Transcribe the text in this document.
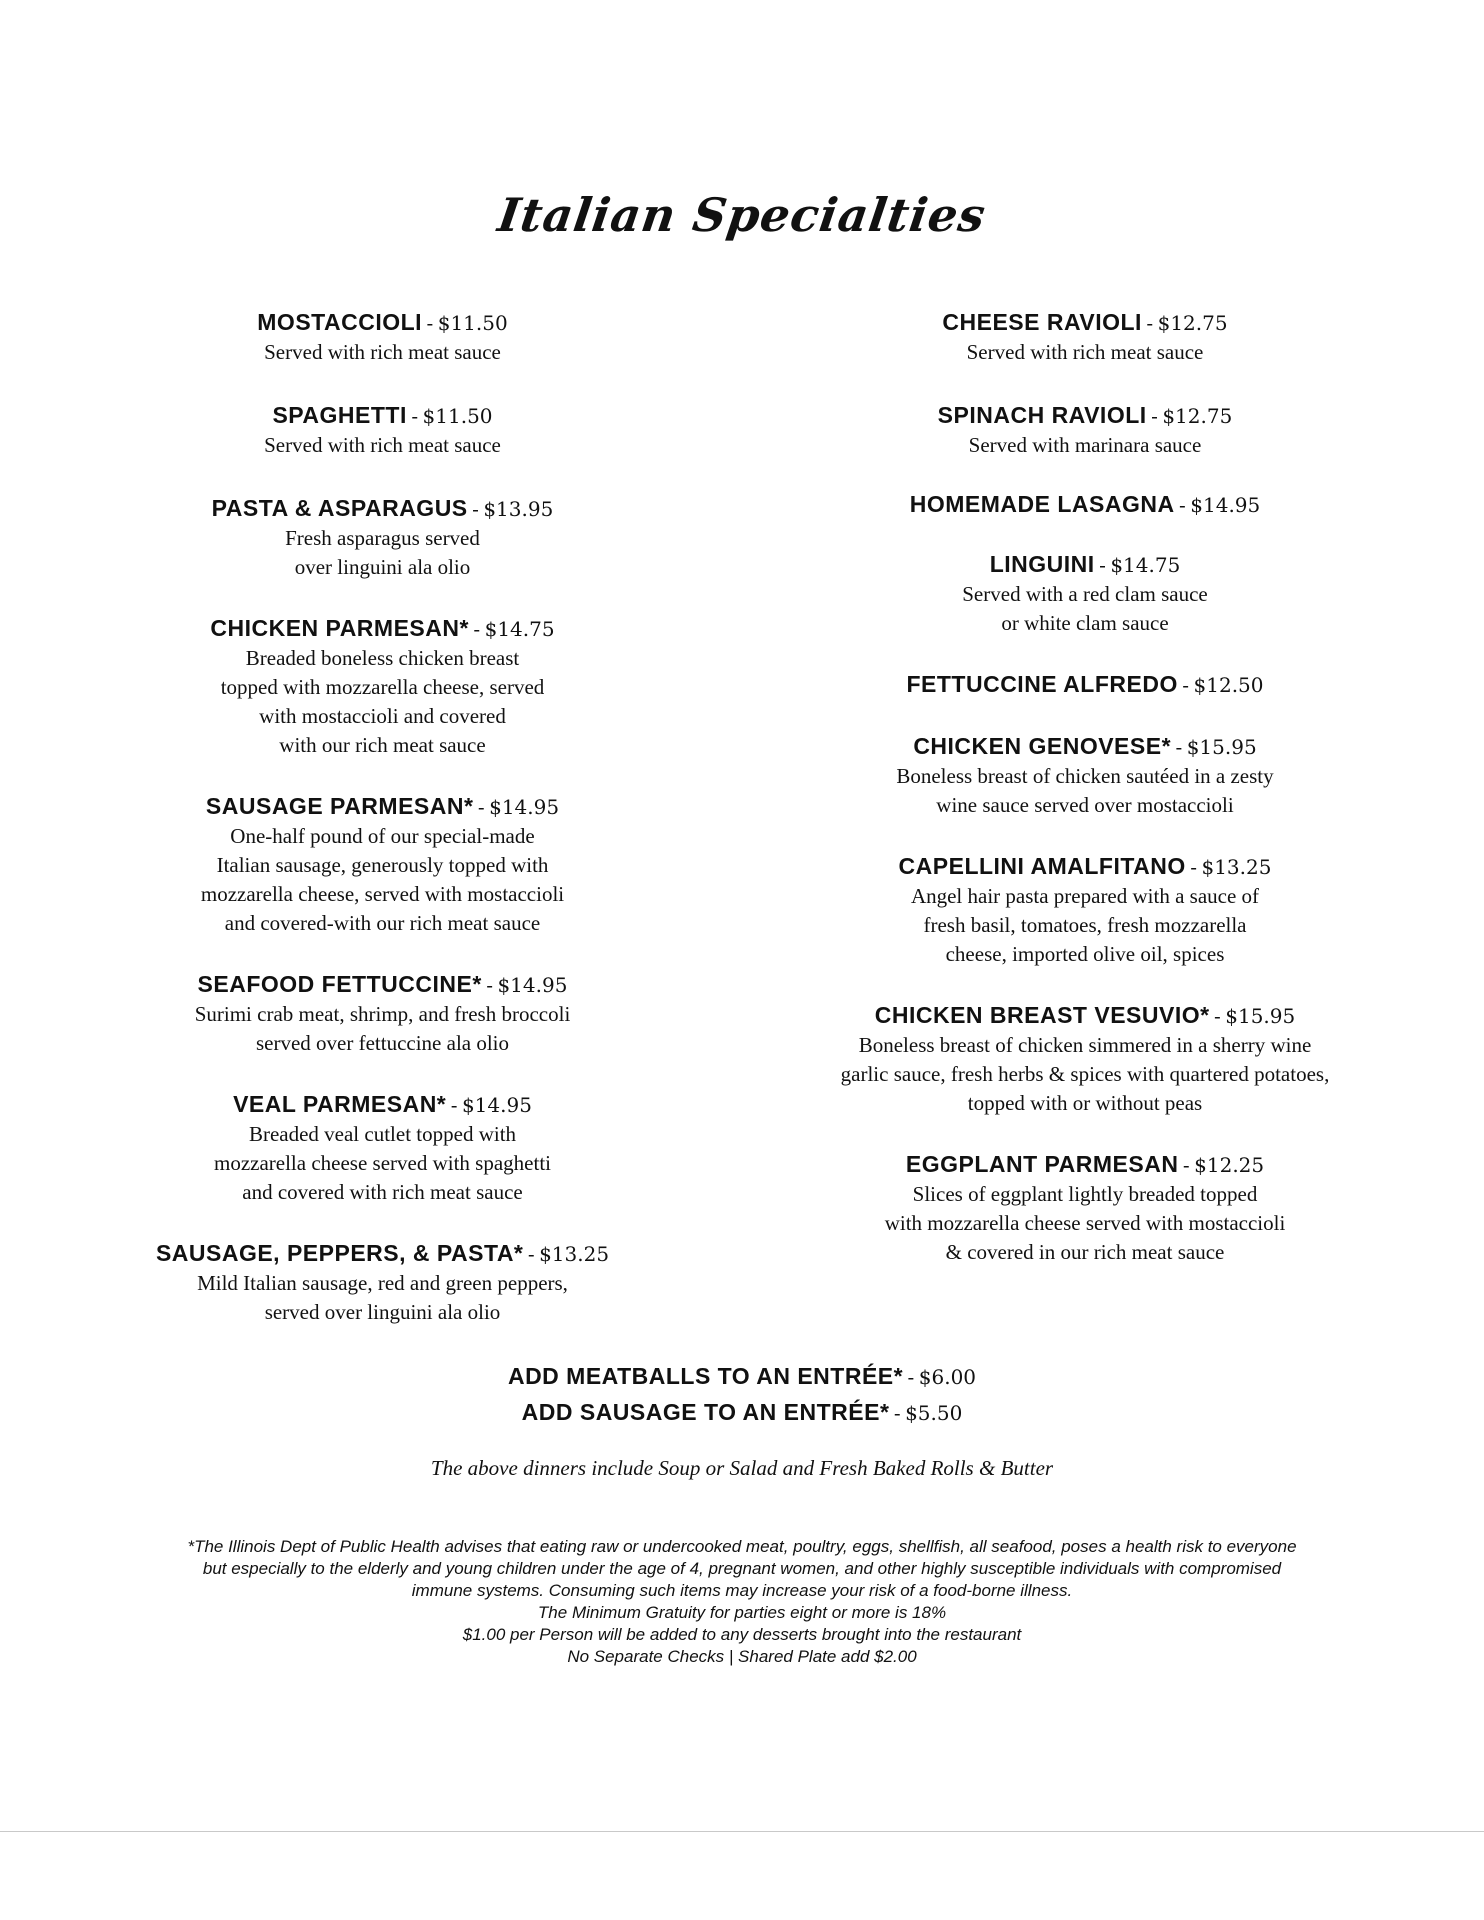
Italian Specialties
MOSTACCIOLI - $11.50
Served with rich meat sauce
SPAGHETTI - $11.50
Served with rich meat sauce
PASTA & ASPARAGUS - $13.95
Fresh asparagus served
over linguini ala olio
CHICKEN PARMESAN* - $14.75
Breaded boneless chicken breast
topped with mozzarella cheese, served
with mostaccioli and covered
with our rich meat sauce
SAUSAGE PARMESAN* - $14.95
One-half pound of our special-made
Italian sausage, generously topped with
mozzarella cheese, served with mostaccioli
and covered-with our rich meat sauce
SEAFOOD FETTUCCINE* - $14.95
Surimi crab meat, shrimp, and fresh broccoli
served over fettuccine ala olio
VEAL PARMESAN* - $14.95
Breaded veal cutlet topped with
mozzarella cheese served with spaghetti
and covered with rich meat sauce
SAUSAGE, PEPPERS, & PASTA* - $13.25
Mild Italian sausage, red and green peppers,
served over linguini ala olio
CHEESE RAVIOLI - $12.75
Served with rich meat sauce
SPINACH RAVIOLI - $12.75
Served with marinara sauce
HOMEMADE LASAGNA - $14.95
LINGUINI - $14.75
Served with a red clam sauce
or white clam sauce
FETTUCCINE ALFREDO - $12.50
CHICKEN GENOVESE* - $15.95
Boneless breast of chicken sautéed in a zesty
wine sauce served over mostaccioli
CAPELLINI AMALFITANO - $13.25
Angel hair pasta prepared with a sauce of
fresh basil, tomatoes, fresh mozzarella
cheese, imported olive oil, spices
CHICKEN BREAST VESUVIO* - $15.95
Boneless breast of chicken simmered in a sherry wine
garlic sauce, fresh herbs & spices with quartered potatoes,
topped with or without peas
EGGPLANT PARMESAN - $12.25
Slices of eggplant lightly breaded topped
with mozzarella cheese served with mostaccioli
& covered in our rich meat sauce
ADD MEATBALLS TO AN ENTRÉE* - $6.00
ADD SAUSAGE TO AN ENTRÉE* - $5.50
The above dinners include Soup or Salad and Fresh Baked Rolls & Butter
*The Illinois Dept of Public Health advises that eating raw or undercooked meat, poultry, eggs, shellfish, all seafood, poses a health risk to everyone
but especially to the elderly and young children under the age of 4, pregnant women, and other highly susceptible individuals with compromised
immune systems. Consuming such items may increase your risk of a food-borne illness.
The Minimum Gratuity for parties eight or more is 18%
$1.00 per Person will be added to any desserts brought into the restaurant
No Separate Checks | Shared Plate add $2.00
